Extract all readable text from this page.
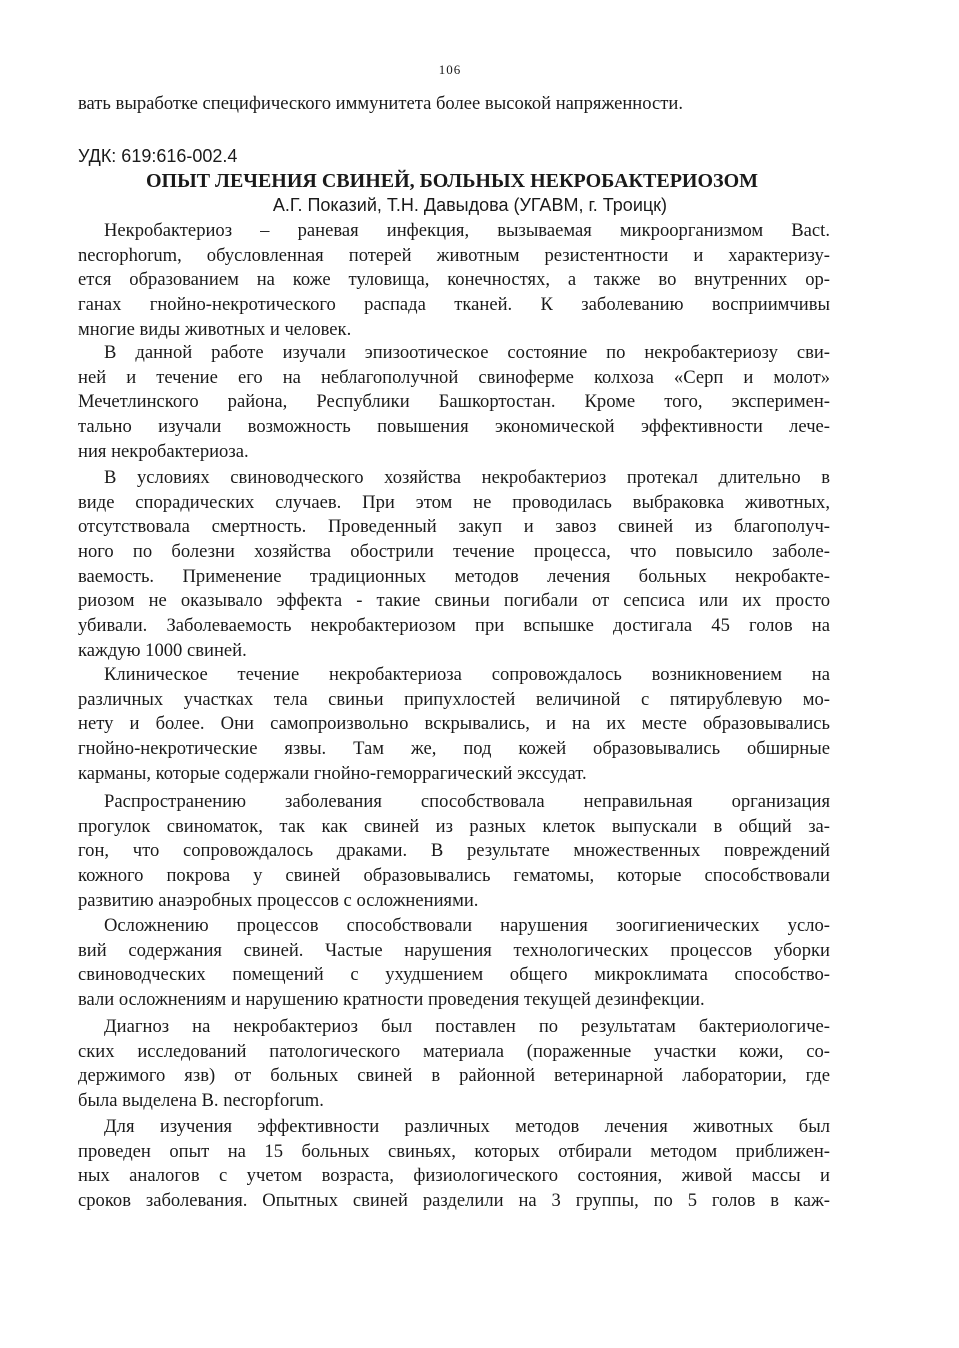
106
вать выработке специфического иммунитета более высокой напряженности.
УДК: 619:616-002.4
ОПЫТ ЛЕЧЕНИЯ СВИНЕЙ, БОЛЬНЫХ НЕКРОБАКТЕРИОЗОМ
А.Г. Показий, Т.Н. Давыдова (УГАВМ, г. Троицк)
Некробактериоз – раневая инфекция, вызываемая микроорганизмом Bact.
necrophorum, обусловленная потерей животным резистентности и характеризу-
ется образованием на коже туловища, конечностях, а также во внутренних ор-
ганах гнойно-некротического распада тканей. К заболеванию восприимчивы
многие виды животных и человек.
В данной работе изучали эпизоотическое состояние по некробактериозу сви-
ней и течение его на неблагополучной свиноферме колхоза «Серп и молот»
Мечетлинского района, Республики Башкортостан. Кроме того, эксперимен-
тально изучали возможность повышения экономической эффективности лече-
ния некробактериоза.
В условиях свиноводческого хозяйства некробактериоз протекал длительно в
виде спорадических случаев. При этом не проводилась выбраковка животных,
отсутствовала смертность. Проведенный закуп и завоз свиней из благополуч-
ного по болезни хозяйства обострили течение процесса, что повысило заболе-
ваемость. Применение традиционных методов лечения больных некробакте-
риозом не оказывало эффекта - такие свиньи погибали от сепсиса или их просто
убивали. Заболеваемость некробактериозом при вспышке достигала 45 голов на
каждую 1000 свиней.
Клиническое течение некробактериоза сопровождалось возникновением на
различных участках тела свиньи припухлостей величиной с пятирублевую мо-
нету и более. Они самопроизвольно вскрывались, и на их месте образовывались
гнойно-некротические язвы. Там же, под кожей образовывались обширные
карманы, которые содержали гнойно-геморрагический экссудат.
Распространению заболевания способствовала неправильная организация
прогулок свиноматок, так как свиней из разных клеток выпускали в общий за-
гон, что сопровождалось драками. В результате множественных повреждений
кожного покрова у свиней образовывались гематомы, которые способствовали
развитию анаэробных процессов с осложнениями.
Осложнению процессов способствовали нарушения зоогигиенических усло-
вий содержания свиней. Частые нарушения технологических процессов уборки
свиноводческих помещений с ухудшением общего микроклимата способство-
вали осложнениям и нарушению кратности проведения текущей дезинфекции.
Диагноз на некробактериоз был поставлен по результатам бактериологиче-
ских исследований патологического материала (пораженные участки кожи, со-
держимого язв) от больных свиней в районной ветеринарной лаборатории, где
была выделена B. necropforum.
Для изучения эффективности различных методов лечения животных был
проведен опыт на 15 больных свиньях, которых отбирали методом приближен-
ных аналогов с учетом возраста, физиологического состояния, живой массы и
сроков заболевания. Опытных свиней разделили на 3 группы, по 5 голов в каж-
